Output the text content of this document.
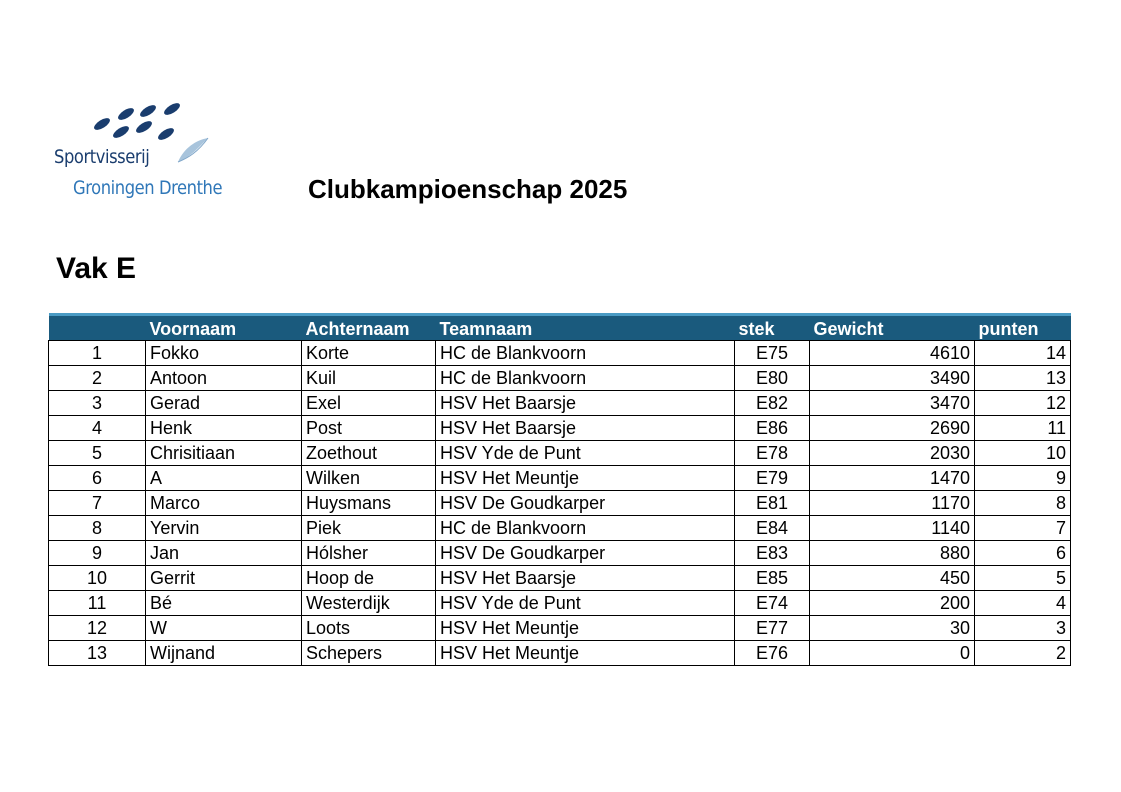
Sportvisserij
Groningen Drenthe	Clubkampioenschap 2025
Vak E
	Voornaam	Achternaam	Teamnaam	stek	Gewicht	punten
1	Fokko	Korte	HC de Blankvoorn	E75	4610	14
2	Antoon	Kuil	HC de Blankvoorn	E80	3490	13
3	Gerad	Exel	HSV Het Baarsje	E82	3470	12
4	Henk	Post	HSV Het Baarsje	E86	2690	11
5	Chrisitiaan	Zoethout	HSV Yde de Punt	E78	2030	10
6	A	Wilken	HSV Het Meuntje	E79	1470	9
7	Marco	Huysmans	HSV De Goudkarper	E81	1170	8
8	Yervin	Piek	HC de Blankvoorn	E84	1140	7
9	Jan	Hólsher	HSV De Goudkarper	E83	880	6
10	Gerrit	Hoop de	HSV Het Baarsje	E85	450	5
11	Bé	Westerdijk	HSV Yde de Punt	E74	200	4
12	W	Loots	HSV Het Meuntje	E77	30	3
13	Wijnand	Schepers	HSV Het Meuntje	E76	0	2
